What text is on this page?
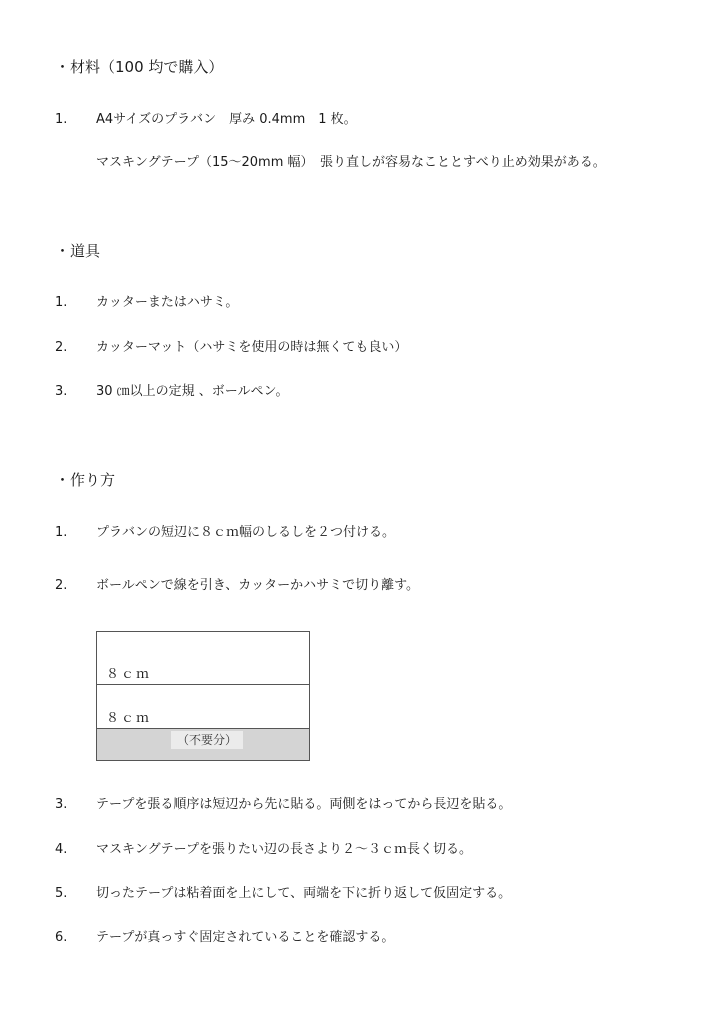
・材料（100 均で購入）
1. A4サイズのプラバン　厚み 0.4mm　1 枚。
マスキングテープ（15～20mm 幅）　張り直しが容易なこととすべり止め効果がある。
・道具
1. カッターまたはハサミ。
2. カッターマット（ハサミを使用の時は無くても良い）
3. 30 ㎝以上の定規 、ボールペン。
・作り方
1. プラバンの短辺に８ｃｍ幅のしるしを２つ付ける。
2. ボールペンで線を引き、カッターかハサミで切り離す。
８ｃｍ
８ｃｍ
（不要分）
3. テープを張る順序は短辺から先に貼る。両側をはってから長辺を貼る。
4. マスキングテープを張りたい辺の長さより２～３ｃｍ長く切る。
5. 切ったテープは粘着面を上にして、両端を下に折り返して仮固定する。
6. テープが真っすぐ固定されていることを確認する。
